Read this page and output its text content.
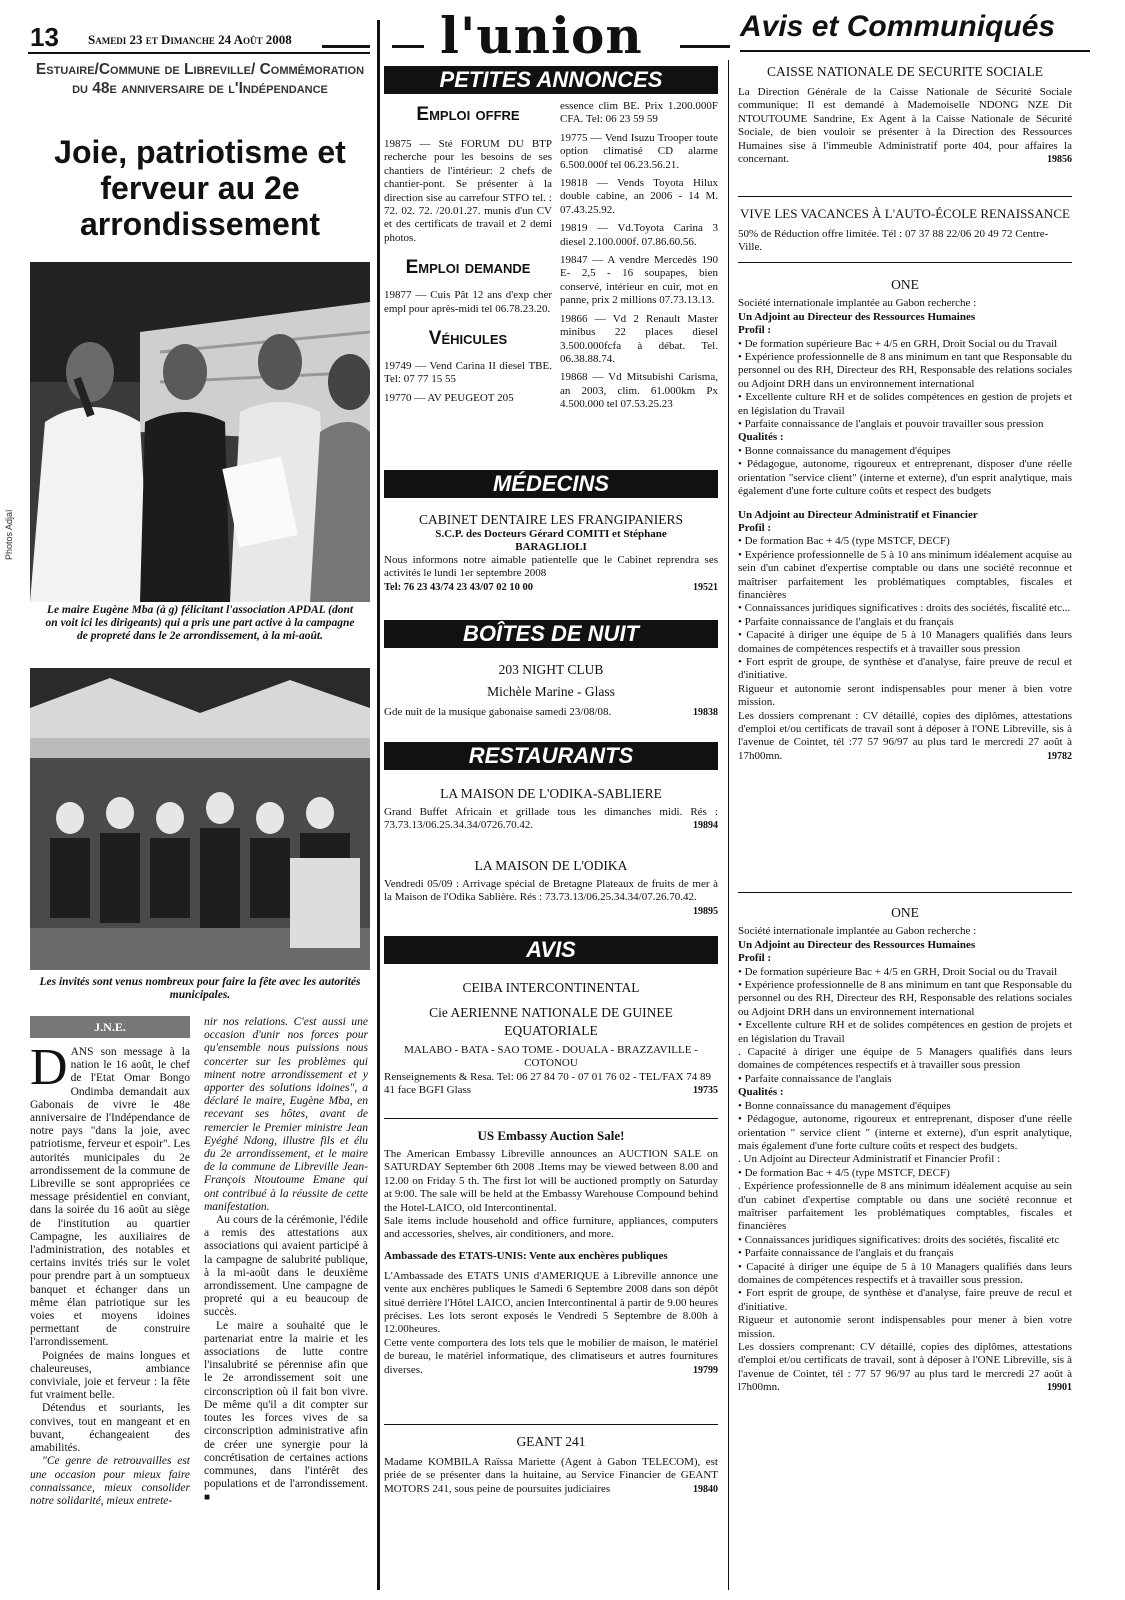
13 Samedi 23 et Dimanche 24 Août 2008	l'union	Avis et Communiqués
Estuaire/Commune de Libreville/ Commémoration du 48e anniversaire de l'Indépendance
Joie, patriotisme et ferveur au 2e arrondissement
Photos Adjaï
Le maire Eugène Mba (à g) félicitant l'association APDAL (dont on voit ici les dirigeants) qui a pris une part active à la campagne de propreté dans le 2e arrondissement, à la mi-août.
Les invités sont venus nombreux pour faire la fête avec les autorités municipales.
J.N.E.

D ANS son message à la nation le 16 août, le chef de l'Etat Omar Bongo Ondimba demandait aux Gabonais de vivre le 48e anniversaire de l'Indépendance de notre pays "dans la joie, avec patriotisme, ferveur et espoir". Les autorités municipales du 2e arrondissement de la commune de Libreville se sont appropriées ce message présidentiel en conviant, dans la soirée du 16 août au siège de l'institution au quartier Campagne, les auxiliaires de l'administration, des notables et certains invités triés sur le volet pour prendre part à un somptueux banquet et échanger dans un même élan patriotique sur les voies et moyens idoines permettant de construire l'arrondissement.

Poignées de mains longues et chaleureuses, ambiance conviviale, joie et ferveur : la fête fut vraiment belle.

Détendus et souriants, les convives, tout en mangeant et en buvant, échangeaient des amabilités.

"Ce genre de retrouvailles est une occasion pour mieux faire connaissance, mieux consolider notre solidarité, mieux entrete-

nir nos relations. C'est aussi une occasion d'unir nos forces pour qu'ensemble nous puissions nous concerter sur les problèmes qui minent notre arrondissement et y apporter des solutions idoines", a déclaré le maire, Eugène Mba, en recevant ses hôtes, avant de remercier le Premier ministre Jean Eyéghé Ndong, illustre fils et élu du 2e arrondissement, et le maire de la commune de Libreville Jean-François Ntoutoume Emane qui ont contribué à la réussite de cette manifestation.

Au cours de la cérémonie, l'édile a remis des attestations aux associations qui avaient participé à la campagne de salubrité publique, à la mi-août dans le deuxième arrondissement. Une campagne de propreté qui a eu beaucoup de succès.

Le maire a souhaité que le partenariat entre la mairie et les associations de lutte contre l'insalubrité se pérennise afin que le 2e arrondissement soit une circonscription où il fait bon vivre. De même qu'il a dit compter sur toutes les forces vives de sa circonscription administrative afin de créer une synergie pour la concrétisation de certaines actions communes, dans l'intérêt des populations et de l'arrondissement. ■

PETITES ANNONCES
Emploi offre

19875 — Sté FORUM DU BTP recherche pour les besoins de ses chantiers de l'intérieur: 2 chefs de chantier-pont. Se présenter à la direction sise au carrefour STFO tel. : 72. 02. 72. /20.01.27. munis d'un CV et des certificats de travail et 2 demi photos.

Emploi demande

19877 — Cuis Pât 12 ans d'exp cher empl pour après-midi tel 06.78.23.20.

Véhicules

19749 — Vend Carina II diesel TBE. Tel: 07 77 15 55

19770 — AV PEUGEOT 205

essence clim BE. Prix 1.200.000F CFA. Tel: 06 23 59 59

19775 — Vend Isuzu Trooper toute option climatisé CD alarme 6.500.000f tel 06.23.56.21.

19818 — Vends Toyota Hilux double cabine, an 2006 - 14 M. 07.43.25.92.

19819 — Vd.Toyota Carina 3 diesel 2.100.000f. 07.86.60.56.

19847 — A vendre Mercedès 190 E- 2,5 - 16 soupapes, bien conservé, intérieur en cuir, mot en panne, prix 2 millions 07.73.13.13.

19866 — Vd 2 Renault Master minibus 22 places diesel 3.500.000fcfa à débat. Tel. 06.38.88.74.

19868 — Vd Mitsubishi Carisma, an 2003, clim. 61.000km Px 4.500.000 tel 07.53.25.23

MÉDECINS
CABINET DENTAIRE LES FRANGIPANIERS
S.C.P. des Docteurs Gérard COMITI et Stéphane BARAGLIOLI

Nous informons notre aimable patientelle que le Cabinet reprendra ses activités le lundi 1er septembre 2008

Tel: 76 23 43/74 23 43/07 02 10 00	19521

BOÎTES DE NUIT
203 NIGHT CLUB
Michèle Marine - Glass

Gde nuit de la musique gabonaise samedi 23/08/08.	19838

RESTAURANTS
LA MAISON DE L'ODIKA-SABLIERE

Grand Buffet Africain et grillade tous les dimanches midi. Rés : 73.73.13/06.25.34.34/0726.70.42.	19894

LA MAISON DE L'ODIKA

Vendredi 05/09 : Arrivage spécial de Bretagne Plateaux de fruits de mer à la Maison de l'Odika Sablière. Rés : 73.73.13/06.25.34.34/07.26.70.42.
19895

AVIS
CEIBA INTERCONTINENTAL
Cie AERIENNE NATIONALE DE GUINEE EQUATORIALE
MALABO - BATA - SAO TOME - DOUALA - BRAZZAVILLE - COTONOU

Renseignements & Resa. Tel: 06 27 84 70 - 07 01 76 02 - TEL/FAX 74 89 41 face BGFI Glass	19735

US Embassy Auction Sale!

The American Embassy Libreville announces an AUCTION SALE on SATURDAY September 6th 2008 .Items may be viewed between 8.00 and 12.00 on Friday 5 th. The first lot will be auctioned promptly on Saturday at 9:00. The sale will be held at the Embassy Warehouse Compound behind the Hotel-LAICO, old Intercontinental.

Sale items include household and office furniture, appliances, computers and accessories, shelves, air conditioners, and more.

Ambassade des ETATS-UNIS: Vente aux enchères publiques

L'Ambassade des ETATS UNIS d'AMERIQUE à Libreville annonce une vente aux enchères publiques le Samedi 6 Septembre 2008 dans son dépôt situé derrière l'Hôtel LAICO, ancien Intercontinental à partir de 9.00 heures précises. Les lots seront exposés le Vendredi 5 Septembre de 8.00h à 12.00heures.

Cette vente comportera des lots tels que le mobilier de maison, le matériel de bureau, le matériel informatique, des climatiseurs et autres fournitures diverses.	19799

GEANT 241

Madame KOMBILA Raïssa Mariette (Agent à Gabon TELECOM), est priée de se présenter dans la huitaine, au Service Financier de GEANT MOTORS 241, sous peine de poursuites judiciaires	19840

CAISSE NATIONALE DE SECURITE SOCIALE

La Direction Générale de la Caisse Nationale de Sécurité Sociale communique: Il est demandé à Mademoiselle NDONG NZE Dit NTOUTOUME Sandrine, Ex Agent à la Caisse Nationale de Sécurité Sociale, de bien vouloir se présenter à la Direction des Ressources Humaines sise à l'immeuble Administratif porte 404, pour affaires la concernant.	19856

VIVE LES VACANCES À L'AUTO-ÉCOLE RENAISSANCE

50% de Réduction offre limitée. Tél : 07 37 88 22/06 20 49 72 Centre-Ville.

ONE
Société internationale implantée au Gabon recherche :
Un Adjoint au Directeur des Ressources Humaines
Profil :
• De formation supérieure Bac + 4/5 en GRH, Droit Social ou du Travail
• Expérience professionnelle de 8 ans minimum en tant que Responsable du personnel ou des RH, Directeur des RH, Responsable des relations sociales ou Adjoint DRH dans un environnement international
• Excellente culture RH et de solides compétences en gestion de projets et en législation du Travail
• Parfaite connaissance de l'anglais et pouvoir travailler sous pression
Qualités :
• Bonne connaissance du management d'équipes
• Pédagogue, autonome, rigoureux et entreprenant, disposer d'une réelle orientation "service client" (interne et externe), d'un esprit analytique, mais également d'une forte culture coûts et respect des budgets
Un Adjoint au Directeur Administratif et Financier
Profil :
• De formation Bac + 4/5 (type MSTCF, DECF)
• Expérience professionnelle de 5 à 10 ans minimum idéalement acquise au sein d'un cabinet d'expertise comptable ou dans une société reconnue et maîtriser parfaitement les problématiques comptables, fiscales et financières
• Connaissances juridiques significatives : droits des sociétés, fiscalité etc...
• Parfaite connaissance de l'anglais et du français
• Capacité à diriger une équipe de 5 à 10 Managers qualifiés dans leurs domaines de compétences respectifs et à travailler sous pression
• Fort esprit de groupe, de synthèse et d'analyse, faire preuve de recul et d'initiative.
Rigueur et autonomie seront indispensables pour mener à bien votre mission.
Les dossiers comprenant : CV détaillé, copies des diplômes, attestations d'emploi et/ou certificats de travail sont à déposer à l'ONE Libreville, sis à l'avenue de Cointet, tél :77 57 96/97 au plus tard le mercredi 27 août à 17h00mn.	19782
ONE
Société internationale implantée au Gabon recherche :
Un Adjoint au Directeur des Ressources Humaines
Profil :
• De formation supérieure Bac + 4/5 en GRH, Droit Social ou du Travail
• Expérience professionnelle de 8 ans minimum en tant que Responsable du personnel ou des RH, Directeur des RH, Responsable des relations sociales ou Adjoint DRH dans un environnement international
• Excellente culture RH et de solides compétences en gestion de projets et en législation du Travail
. Capacité à diriger une équipe de 5 Managers qualifiés dans leurs domaines de compétences respectifs et à travailler sous pression
• Parfaite connaissance de l'anglais
Qualités :
• Bonne connaissance du management d'équipes
• Pédagogue, autonome, rigoureux et entreprenant, disposer d'une réelle orientation " service client " (interne et externe), d'un esprit analytique, mais également d'une forte culture coûts et respect des budgets.
. Un Adjoint au Directeur Administratif et Financier Profil :
• De formation Bac + 4/5 (type MSTCF, DECF)
. Expérience professionnelle de 8 ans minimum idéalement acquise au sein d'un cabinet d'expertise comptable ou dans une société reconnue et maîtriser parfaitement les problématiques comptables, fiscales et financières
• Connaissances juridiques significatives: droits des sociétés, fiscalité etc
• Parfaite connaissance de l'anglais et du français
• Capacité à diriger une équipe de 5 à 10 Managers qualifiés dans leurs domaines de compétences respectifs et à travailler sous pression.
• Fort esprit de groupe, de synthèse et d'analyse, faire preuve de recul et d'initiative.
Rigueur et autonomie seront indispensables pour mener à bien votre mission.
Les dossiers comprenant: CV détaillé, copies des diplômes, attestations d'emploi et/ou certificats de travail, sont à déposer à l'ONE Libreville, sis à l'avenue de Cointet, tél : 77 57 96/97 au plus tard le mercredi 27 août à l7h00mn.	19901
